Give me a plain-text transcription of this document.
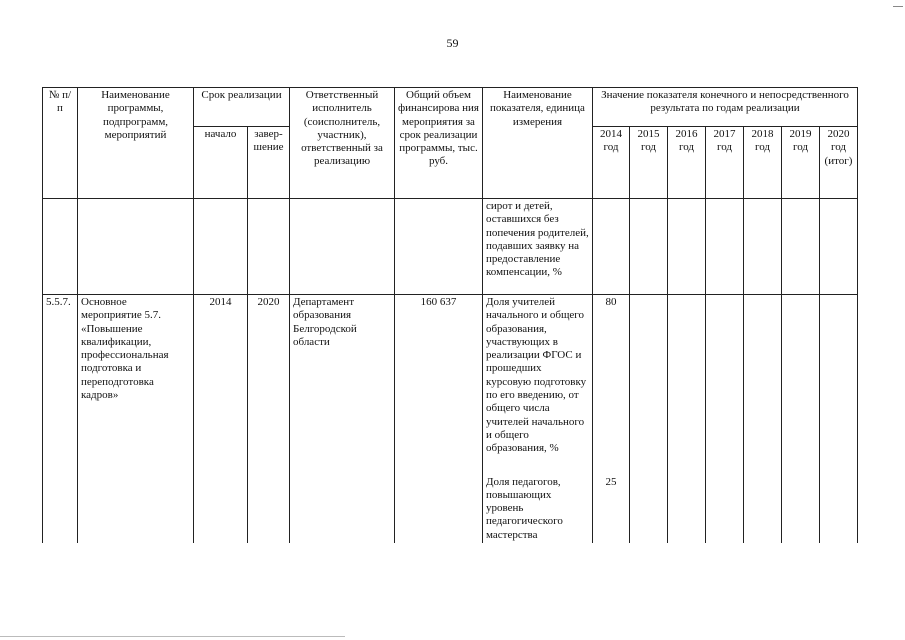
59
№ п/п	Наименование программы, подпрограмм, мероприятий	Срок реализации		Ответственный исполнитель (соисполнитель, участник), ответственный за реализацию	Общий объем финансирова ния мероприятия за срок реализации программы, тыс. руб.	Наименование показателя, единица измерения	Значение показателя конечного и непосредственного результата по годам реализации						
		начало	завер-шение				2014 год	2015 год	2016 год	2017 год	2018 год	2019 год	2020 год (итог)
						сирот и детей, оставшихся без попечения родителей, подавших заявку на предоставление компенсации, %							
5.5.7.	Основное мероприятие 5.7. «Повышение квалификации, профессиональная подготовка и переподготовка кадров»	2014	2020	Департамент образования Белгородской области	160 637	Доля учителей начального и общего образования, участвующих в реализации ФГОС и прошедших курсовую подготовку по его введению, от общего числа учителей начального и общего образования, %	80						

						Доля педагогов, повышающих уровень педагогического мастерства	25						
